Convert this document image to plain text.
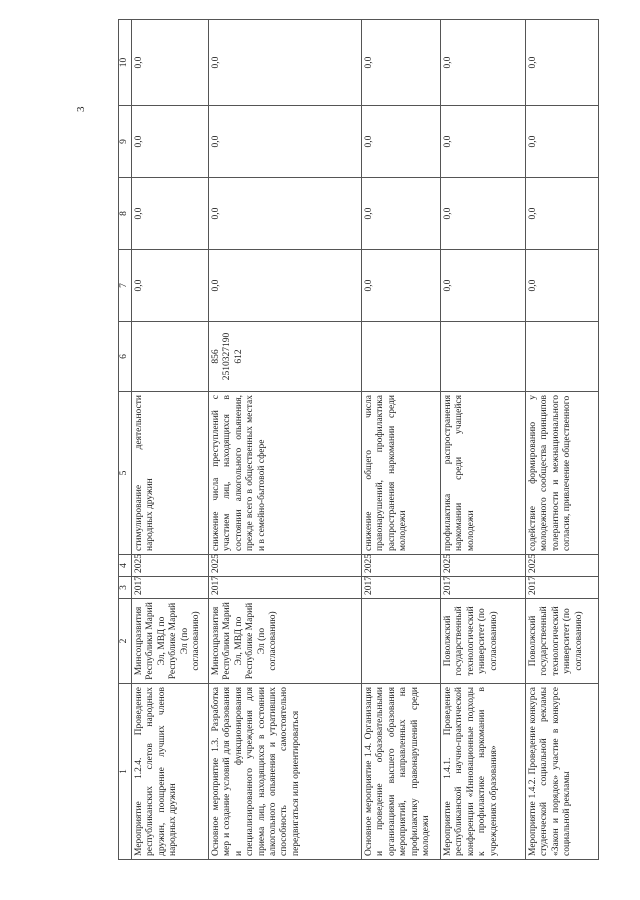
3
1	2	3	4	5	6	7	8	9	10
Мероприятие 1.2.4. Проведение республиканских слетов народных дружин, поощрение лучших членов народных дружин	Минсоцразвития Республики Марий Эл, МВД по Республике Марий Эл (по согласованию)	2017	2025	стимулирование деятельности народных дружин		0,0	0,0	0,0	0,0
Основное мероприятие 1.3. Разработка мер и создание условий для образования и функционирования специализированного учреждения для приема лиц, находящихся в состоянии алкогольного опьянения и утративших способность самостоятельно передвигаться или ориентироваться	Минсоцразвития Республики Марий Эл, МВД по Республике Марий Эл (по согласованию)	2017	2025	снижение числа преступлений с участием лиц, находящихся в состоянии алкогольного опьянения, прежде всего в общественных местах и в семейно-бытовой сфере	856 2510327190 612	0,0	0,0	0,0	0,0
Основное мероприятие 1.4. Организация и проведение образовательными организациями высшего образования мероприятий, направленных на профилактику правонарушений среди молодежи		2017	2025	снижение общего числа правонарушений, профилактика распространения наркомании среди молодежи		0,0	0,0	0,0	0,0
Мероприятие 1.4.1. Проведение республиканской научно-практической конференции «Инновационные подходы к профилактике наркомании в учреждениях образования»	Поволжский государственный технологический университет (по согласованию)	2017	2025	профилактика распространения наркомании среди учащейся молодежи		0,0	0,0	0,0	0,0
Мероприятие 1.4.2. Проведение конкурса студенческой социальной рекламы «Закон и порядок» участие в конкурсе социальной рекламы	Поволжский государственный технологический университет (по согласованию)	2017	2025	содействие формированию у молодежного сообщества принципов толерантности и межнационального согласия, привлечение общественного		0,0	0,0	0,0	0,0
